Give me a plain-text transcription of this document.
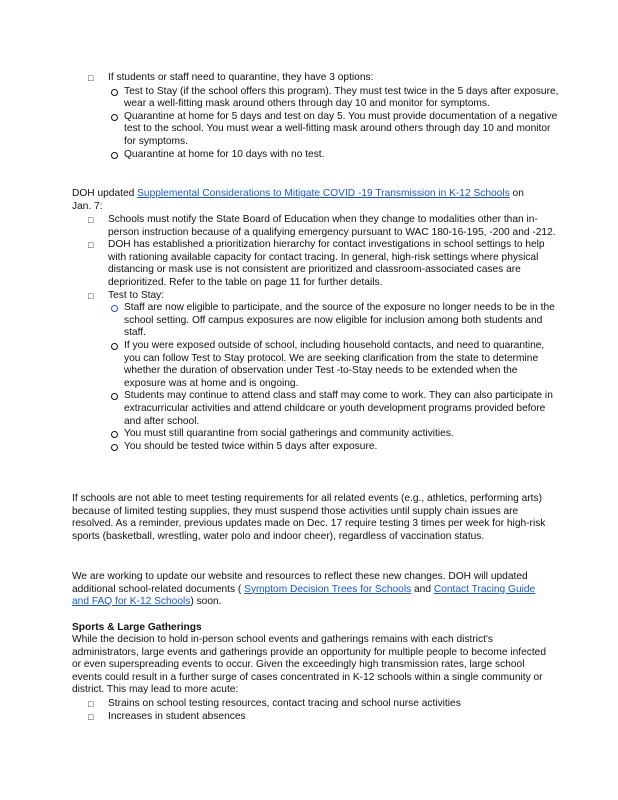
□ If students or staff need to quarantine, they have 3 options:
Test to Stay (if the school offers this program). They must test twice in the 5 days after exposure, wear a well-fitting mask around others through day 10 and monitor for symptoms.
Quarantine at home for 5 days and test on day 5. You must provide documentation of a negative test to the school. You must wear a well-fitting mask around others through day 10 and monitor for symptoms.
Quarantine at home for 10 days with no test.
DOH updated Supplemental Considerations to Mitigate COVID -19 Transmission in K-12 Schools on Jan. 7:
□ Schools must notify the State Board of Education when they change to modalities other than in-person instruction because of a qualifying emergency pursuant to WAC 180-16-195, -200 and -212.
□ DOH has established a prioritization hierarchy for contact investigations in school settings to help with rationing available capacity for contact tracing. In general, high-risk settings where physical distancing or mask use is not consistent are prioritized and classroom-associated cases are deprioritized. Refer to the table on page 11 for further details.
□ Test to Stay:
Staff are now eligible to participate, and the source of the exposure no longer needs to be in the school setting. Off campus exposures are now eligible for inclusion among both students and staff.
If you were exposed outside of school, including household contacts, and need to quarantine, you can follow Test to Stay protocol. We are seeking clarification from the state to determine whether the duration of observation under Test -to-Stay needs to be extended when the exposure was at home and is ongoing.
Students may continue to attend class and staff may come to work. They can also participate in extracurricular activities and attend childcare or youth development programs provided before and after school.
You must still quarantine from social gatherings and community activities.
You should be tested twice within 5 days after exposure.
If schools are not able to meet testing requirements for all related events (e.g., athletics, performing arts) because of limited testing supplies, they must suspend those activities until supply chain issues are resolved. As a reminder, previous updates made on Dec. 17 require testing 3 times per week for high-risk sports (basketball, wrestling, water polo and indoor cheer), regardless of vaccination status.
We are working to update our website and resources to reflect these new changes. DOH will updated additional school-related documents ( Symptom Decision Trees for Schools and Contact Tracing Guide and FAQ for K-12 Schools) soon.
Sports & Large Gatherings
While the decision to hold in-person school events and gatherings remains with each district's administrators, large events and gatherings provide an opportunity for multiple people to become infected or even superspreading events to occur. Given the exceedingly high transmission rates, large school events could result in a further surge of cases concentrated in K-12 schools within a single community or district. This may lead to more acute:
□ Strains on school testing resources, contact tracing and school nurse activities
□ Increases in student absences
